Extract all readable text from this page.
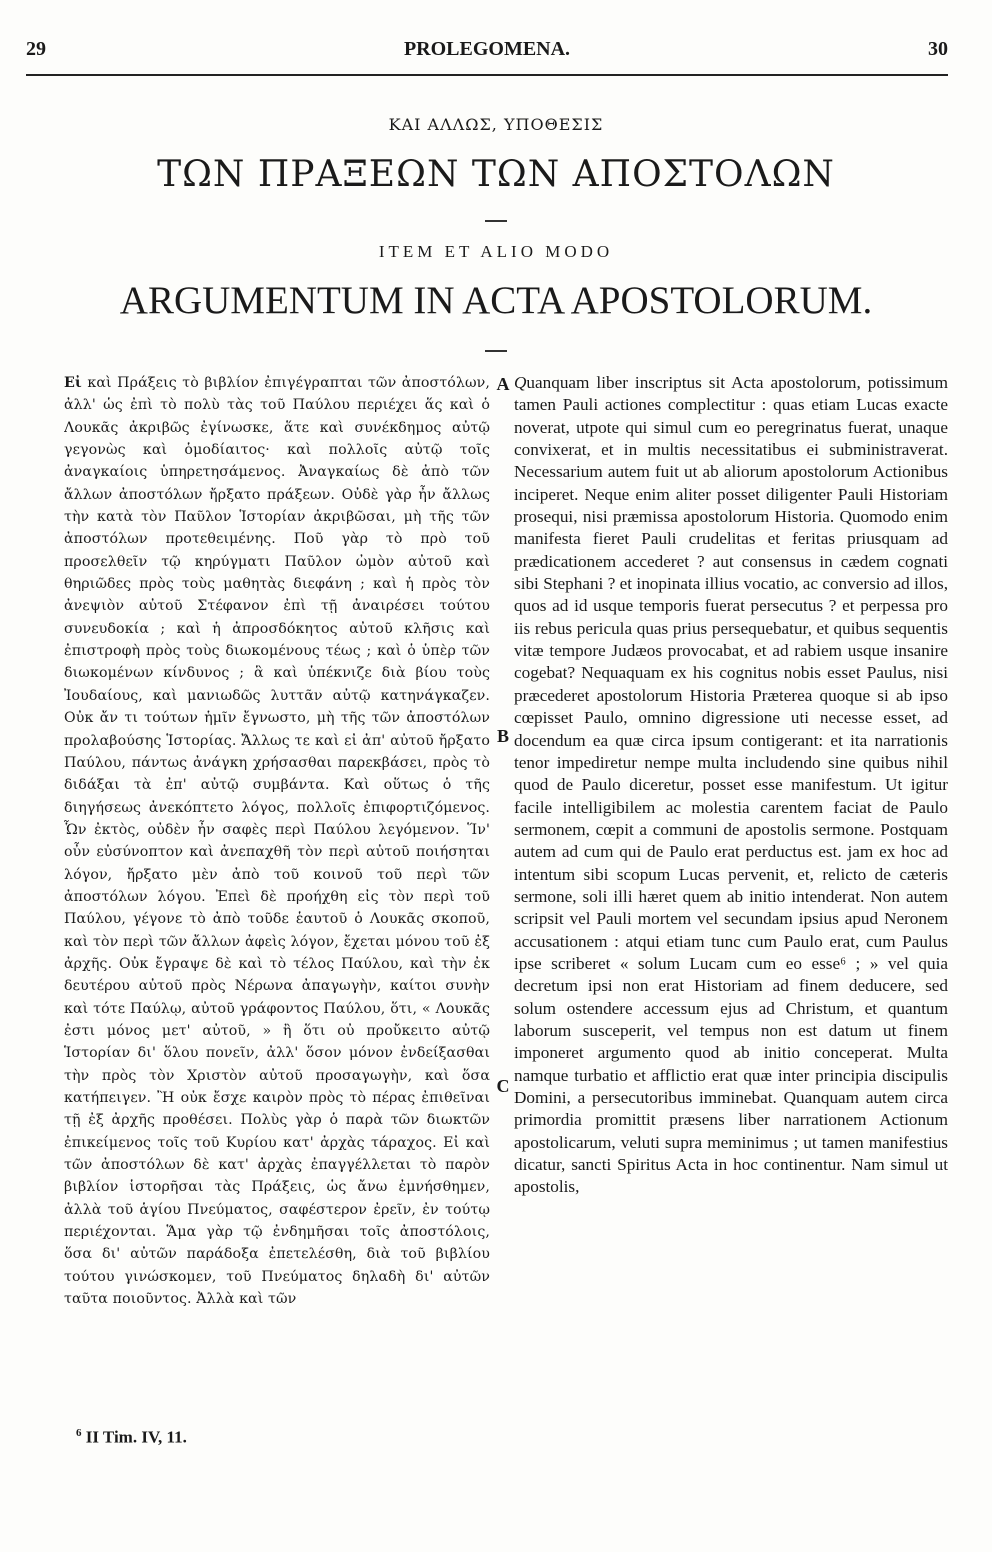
29	PROLEGOMENA.	30
ΚΑΙ ΑΛΛΩΣ, ΥΠΟΘΕΣΙΣ
ΤΩΝ ΠΡΑΞΕΩΝ ΤΩΝ ΑΠΟΣΤΟΛΩΝ
ITEM ET ALIO MODO
ARGUMENTUM IN ACTA APOSTOLORUM.

Εἰ καὶ Πράξεις τὸ βιβλίον ἐπιγέγραπται τῶν ἀποστόλων, ἀλλ' ὡς ἐπὶ τὸ πολὺ τὰς τοῦ Παύλου περιέχει ἅς καὶ ὁ Λουκᾶς ἀκριβῶς ἐγίνωσκε, ἅτε καὶ συνέκδημος αὐτῷ γεγονὼς καὶ ὁμοδίαιτος· καὶ πολλοῖς αὐτῷ τοῖς ἀναγκαίοις ὑπηρετησάμενος. Ἀναγκαίως δὲ ἀπὸ τῶν ἄλλων ἀποστόλων ἤρξατο πράξεων. Οὐδὲ γὰρ ἦν ἄλλως τὴν κατὰ τὸν Παῦλον Ἱστορίαν ἀκριβῶσαι, μὴ τῆς τῶν ἀποστόλων προτεθειμένης. Ποῦ γὰρ τὸ πρὸ τοῦ προσελθεῖν τῷ κηρύγματι Παῦλον ὠμὸν αὐτοῦ καὶ θηριῶδες πρὸς τοὺς μαθητὰς διεφάνη ; καὶ ἡ πρὸς τὸν ἀνεψιὸν αὐτοῦ Στέφανον ἐπὶ τῇ ἀναιρέσει τούτου συνευδοκία ; καὶ ἡ ἀπροσδόκητος αὐτοῦ κλῆσις καὶ ἐπιστροφὴ πρὸς τοὺς διωκομένους τέως ; καὶ ὁ ὑπὲρ τῶν διωκομένων κίνδυνος ; ἃ καὶ ὑπέκνιζε διὰ βίου τοὺς Ἰουδαίους, καὶ μανιωδῶς λυττᾶν αὐτῷ κατηνάγκαζεν. Οὐκ ἄν τι τούτων ἡμῖν ἔγνωστο, μὴ τῆς τῶν ἀποστόλων προλαβούσης Ἱστορίας. Ἄλλως τε καὶ εἰ ἀπ' αὐτοῦ ἤρξατο Παύλου, πάντως ἀνάγκη χρήσασθαι παρεκβάσει, πρὸς τὸ διδάξαι τὰ ἐπ' αὐτῷ συμβάντα. Καὶ οὕτως ὁ τῆς διηγήσεως ἀνεκόπτετο λόγος, πολλοῖς ἐπιφορτιζόμενος. Ὧν ἐκτὸς, οὐδὲν ἦν σαφὲς περὶ Παύλου λεγόμενον. Ἵν' οὖν εὐσύνοπτον καὶ ἀνεπαχθῆ τὸν περὶ αὐτοῦ ποιήσηται λόγον, ἤρξατο μὲν ἀπὸ τοῦ κοινοῦ τοῦ περὶ τῶν ἀποστόλων λόγου. Ἐπεὶ δὲ προήχθη εἰς τὸν περὶ τοῦ Παύλου, γέγονε τὸ ἀπὸ τοῦδε ἑαυτοῦ ὁ Λουκᾶς σκοποῦ, καὶ τὸν περὶ τῶν ἄλλων ἀφεὶς λόγον, ἔχεται μόνου τοῦ ἐξ ἀρχῆς. Οὐκ ἔγραψε δὲ καὶ τὸ τέλος Παύλου, καὶ τὴν ἐκ δευτέρου αὐτοῦ πρὸς Νέρωνα ἀπαγωγὴν, καίτοι συνὴν καὶ τότε Παύλῳ, αὐτοῦ γράφοντος Παύλου, ὅτι, « Λουκᾶς ἐστι μόνος μετ' αὐτοῦ, » ἢ ὅτι οὐ προὔκειτο αὐτῷ Ἱστορίαν δι' ὅλου πονεῖν, ἀλλ' ὅσον μόνον ἐνδείξασθαι τὴν πρὸς τὸν Χριστὸν αὐτοῦ προσαγωγὴν, καὶ ὅσα κατήπειγεν. Ἢ οὐκ ἔσχε καιρὸν πρὸς τὸ πέρας ἐπιθεῖναι τῇ ἐξ ἀρχῆς προθέσει. Πολὺς γὰρ ὁ παρὰ τῶν διωκτῶν ἐπικείμενος τοῖς τοῦ Κυρίου κατ' ἀρχὰς τάραχος. Εἰ καὶ τῶν ἀποστόλων δὲ κατ' ἀρχὰς ἐπαγγέλλεται τὸ παρὸν βιβλίον ἱστορῆσαι τὰς Πράξεις, ὡς ἄνω ἐμνήσθημεν, ἀλλὰ τοῦ ἁγίου Πνεύματος, σαφέστερον ἐρεῖν, ἐν τούτῳ περιέχονται. Ἅμα γὰρ τῷ ἐνδημῆσαι τοῖς ἀποστόλοις, ὅσα δι' αὐτῶν παράδοξα ἐπετελέσθη, διὰ τοῦ βιβλίου τούτου γινώσκομεν, τοῦ Πνεύματος δηλαδὴ δι' αὐτῶν ταῦτα ποιοῦντος. Ἀλλὰ καὶ τῶν

A
B
C

Quanquam liber inscriptus sit Acta apostolorum, potissimum tamen Pauli actiones complectitur : quas etiam Lucas exacte noverat, utpote qui simul cum eo peregrinatus fuerat, unaque convixerat, et in multis necessitatibus ei subministraverat. Necessarium autem fuit ut ab aliorum apostolorum Actionibus inciperet. Neque enim aliter posset diligenter Pauli Historiam prosequi, nisi præmissa apostolorum Historia. Quomodo enim manifesta fieret Pauli crudelitas et feritas priusquam ad prædicationem accederet ? aut consensus in cædem cognati sibi Stephani ? et inopinata illius vocatio, ac conversio ad illos, quos ad id usque temporis fuerat persecutus ? et perpessa pro iis rebus pericula quas prius persequebatur, et quibus sequentis vitæ tempore Judæos provocabat, et ad rabiem usque insanire cogebat? Nequaquam ex his cognitus nobis esset Paulus, nisi præcederet apostolorum Historia Præterea quoque si ab ipso cœpisset Paulo, omnino digressione uti necesse esset, ad docendum ea quæ circa ipsum contigerant: et ita narrationis tenor impediretur nempe multa includendo sine quibus nihil quod de Paulo diceretur, posset esse manifestum. Ut igitur facile intelligibilem ac molestia carentem faciat de Paulo sermonem, cœpit a communi de apostolis sermone. Postquam autem ad cum qui de Paulo erat perductus est. jam ex hoc ad intentum sibi scopum Lucas pervenit, et, relicto de cæteris sermone, soli illi hæret quem ab initio intenderat. Non autem scripsit vel Pauli mortem vel secundam ipsius apud Neronem accusationem : atqui etiam tunc cum Paulo erat, cum Paulus ipse scriberet « solum Lucam cum eo esse⁶ ; » vel quia decretum ipsi non erat Historiam ad finem deducere, sed solum ostendere accessum ejus ad Christum, et quantum laborum susceperit, vel tempus non est datum ut finem imponeret argumento quod ab initio conceperat. Multa namque turbatio et afflictio erat quæ inter principia discipulis Domini, a persecutoribus imminebat. Quanquam autem circa primordia promittit præsens liber narrationem Actionum apostolicarum, veluti supra meminimus ; ut tamen manifestius dicatur, sancti Spiritus Acta in hoc continentur. Nam simul ut apostolis,

$^6$ II Tim. IV, 11.
